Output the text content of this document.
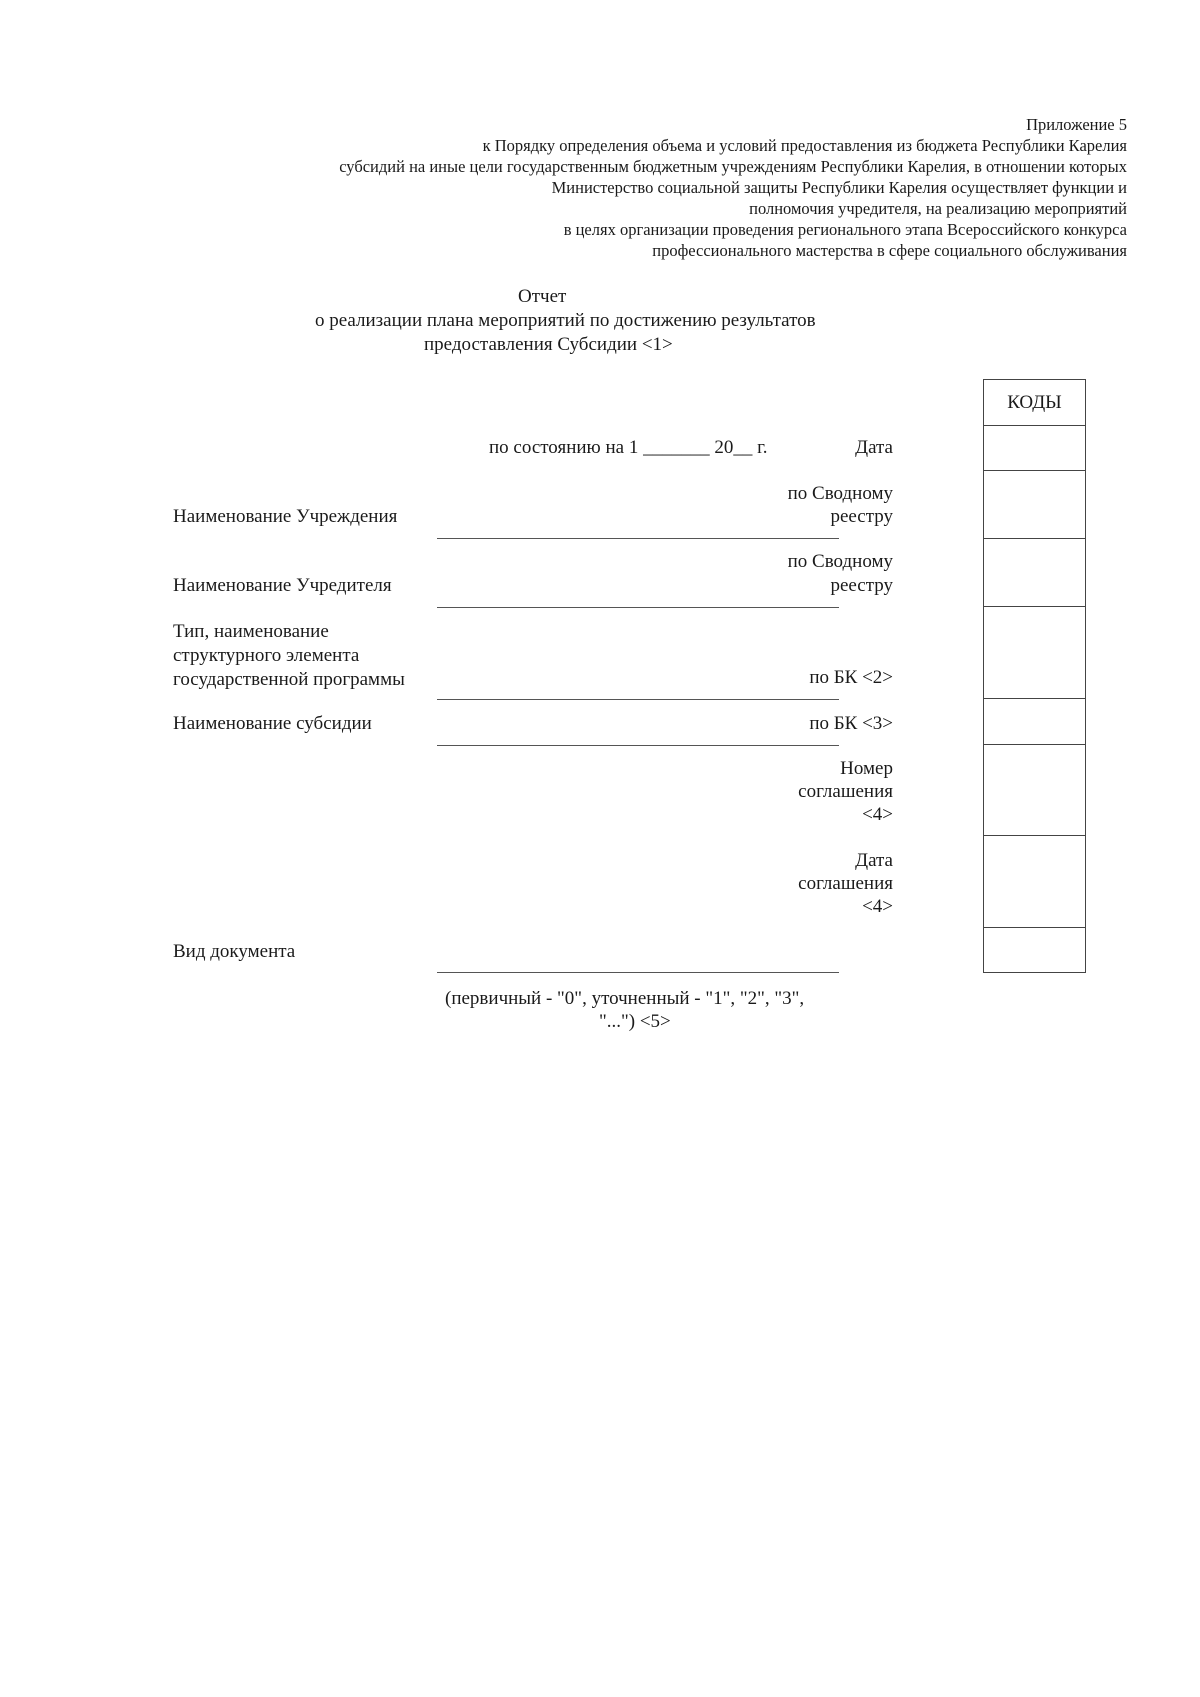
Приложение 5
к Порядку определения объема и условий предоставления из бюджета Республики Карелия
субсидий на иные цели государственным бюджетным учреждениям Республики Карелия, в отношении которых
Министерство социальной защиты Республики Карелия осуществляет функции и
полномочия учредителя, на реализацию мероприятий
в целях организации проведения регионального этапа Всероссийского конкурса
профессионального мастерства в сфере социального обслуживания
Отчет
о реализации плана мероприятий по достижению результатов
предоставления Субсидии <1>
по состоянию на 1 _______ 20__ г.
Наименование Учреждения
Наименование Учредителя
Тип, наименование
структурного элемента
государственной программы
Наименование субсидии
Вид документа
(первичный - "0", уточненный - "1", "2", "3",
"...") <5>
Дата
по Сводному
реестру
по Сводному
реестру
по БК <2>
по БК <3>
Номер
соглашения
<4>
Дата
соглашения
<4>
КОДЫ
